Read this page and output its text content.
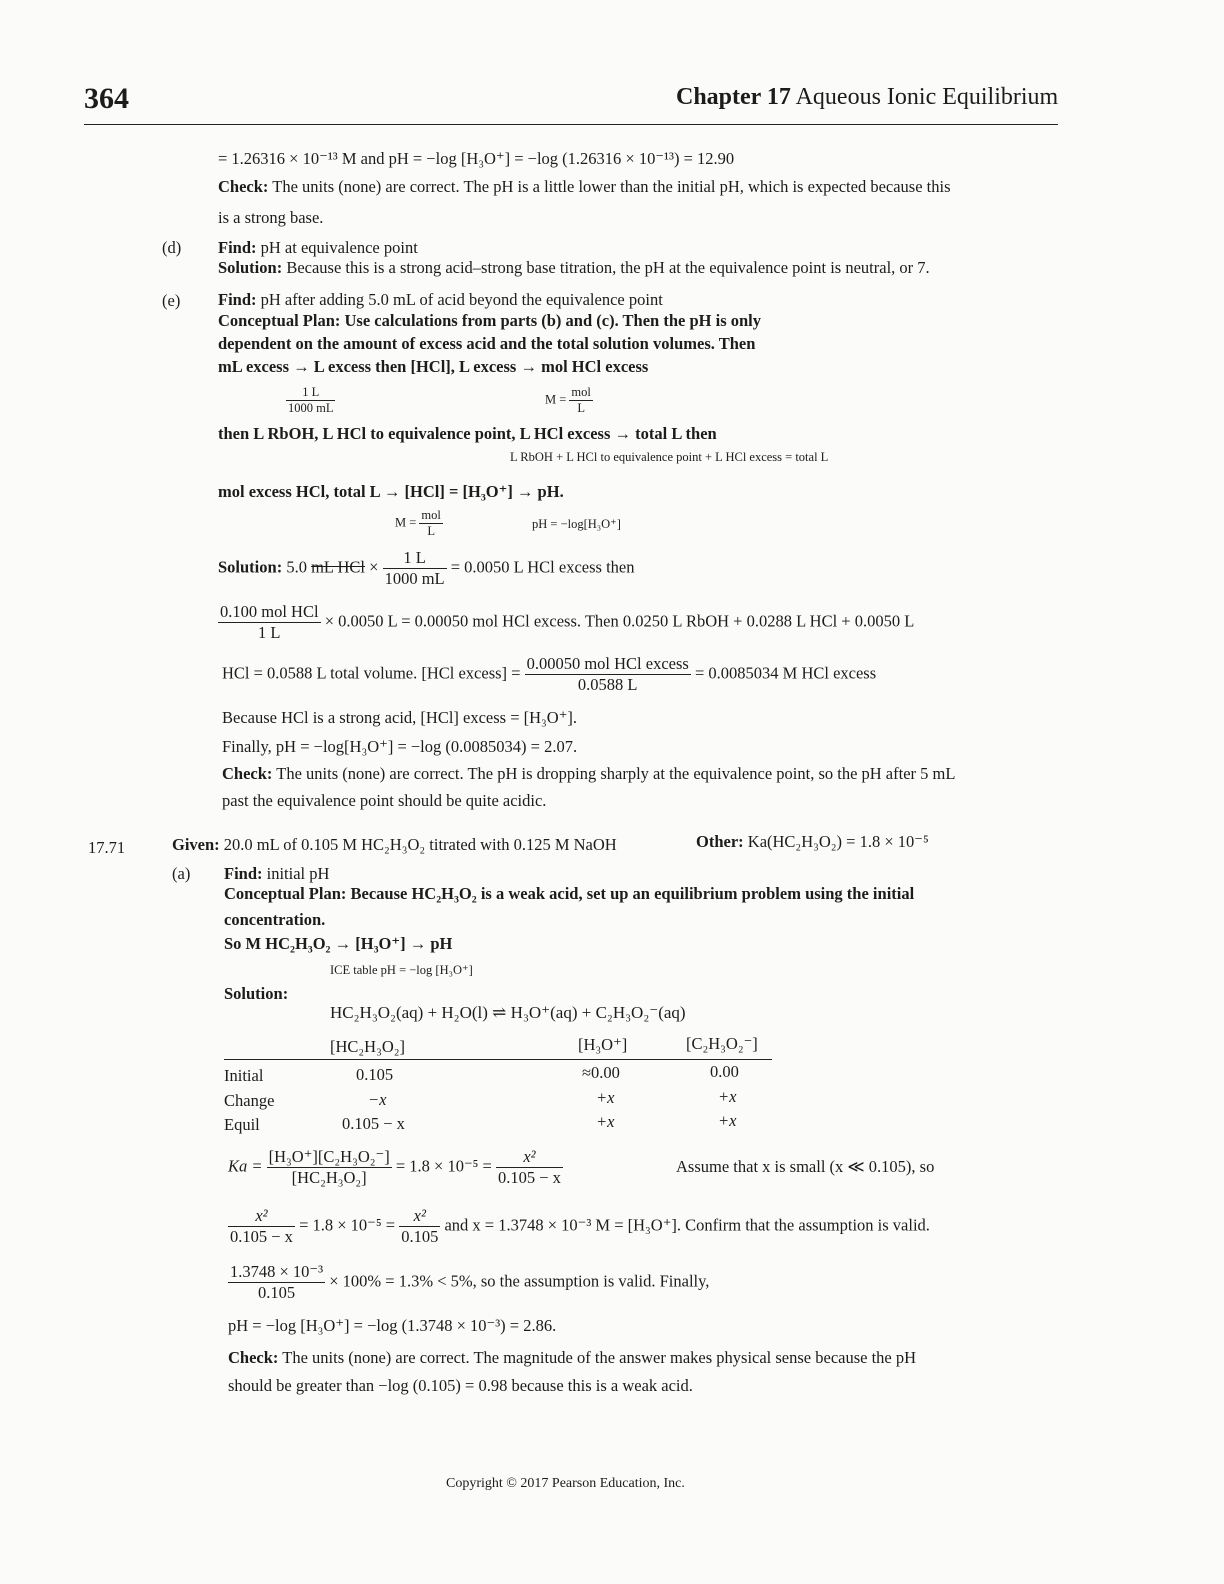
364	Chapter 17 Aqueous Ionic Equilibrium
= 1.26316 × 10⁻¹³ M and pH = −log [H₃O⁺] = −log (1.26316 × 10⁻¹³) = 12.90
Check: The units (none) are correct. The pH is a little lower than the initial pH, which is expected because this
is a strong base.
(d) Find: pH at equivalence point
Solution: Because this is a strong acid–strong base titration, the pH at the equivalence point is neutral, or 7.
(e) Find: pH after adding 5.0 mL of acid beyond the equivalence point
Conceptual Plan: Use calculations from parts (b) and (c). Then the pH is only
dependent on the amount of excess acid and the total solution volumes. Then
mL excess → L excess then [HCl], L excess → mol HCl excess
$\frac{1 L}{1000 mL}$	$M = \frac{\text{mol}}{L}$
then L RbOH, L HCl to equivalence point, L HCl excess → total L then
L RbOH + L HCl to equivalence point + L HCl excess = total L
mol excess HCl, total L → [HCl] = [H₃O⁺] → pH.
$M = \frac{\text{mol}}{L}$	pH = −log[H₃O⁺]
Solution: 5.0 mL HCl × $\frac{1 L}{1000 mL} = 0.0050$ L HCl excess then
$\frac{\text{0.100 mol HCl}}{1 L} \times 0.0050$ L = 0.00050 mol HCl excess. Then 0.0250 L RbOH + 0.0288 L HCl + 0.0050 L
HCl = 0.0588 L total volume. [HCl excess] = $\frac{\text{0.00050 mol HCl excess}}{0.0588 L} = 0.0085034$ M HCl excess
Because HCl is a strong acid, [HCl] excess = [H₃O⁺].
Finally, pH = −log[H₃O⁺] = −log (0.0085034) = 2.07.
Check: The units (none) are correct. The pH is dropping sharply at the equivalence point, so the pH after 5 mL
past the equivalence point should be quite acidic.
17.71	Given: 20.0 mL of 0.105 M HC₂H₃O₂ titrated with 0.125 M NaOH	Other: Ka(HC₂H₃O₂) = 1.8 × 10⁻⁵
(a) Find: initial pH
Conceptual Plan: Because HC₂H₃O₂ is a weak acid, set up an equilibrium problem using the initial
concentration.
So M HC₂H₃O₂ → [H₃O⁺] → pH
ICE table pH = −log [H₃O⁺]
Solution:
HC₂H₃O₂(aq) + H₂O(l) ⇌ H₃O⁺(aq) + C₂H₃O₂⁻(aq)
[HC₂H₃O₂]	[H₃O⁺]	[C₂H₃O₂⁻]
Initial	0.105	≈0.00	0.00
Change	−x	+x	+x
Equil	0.105 − x	+x	+x
$Ka = \frac{\text{[H₃O⁺][C₂H₃O₂⁻]}}{\text{[HC₂H₃O₂]}} = 1.8 \times 10^{-5} = \frac{\text{x²}}{0.105 - x}$	Assume that x is small (x ≪ 0.105), so
$\frac{\text{x²}}{0.105 - x} = 1.8 \times 10^{-5} = \frac{\text{x²}}{0.105}$ and x = 1.3748 × 10⁻³ M = [H₃O⁺]. Confirm that the assumption is valid.
$\frac{\text{1.3748 × 10⁻³}}{0.105} \times 100\% = 1.3\% < 5\%$, so the assumption is valid. Finally,
pH = −log [H₃O⁺] = −log (1.3748 × 10⁻³) = 2.86.
Check: The units (none) are correct. The magnitude of the answer makes physical sense because the pH
should be greater than −log (0.105) = 0.98 because this is a weak acid.
Copyright © 2017 Pearson Education, Inc.
